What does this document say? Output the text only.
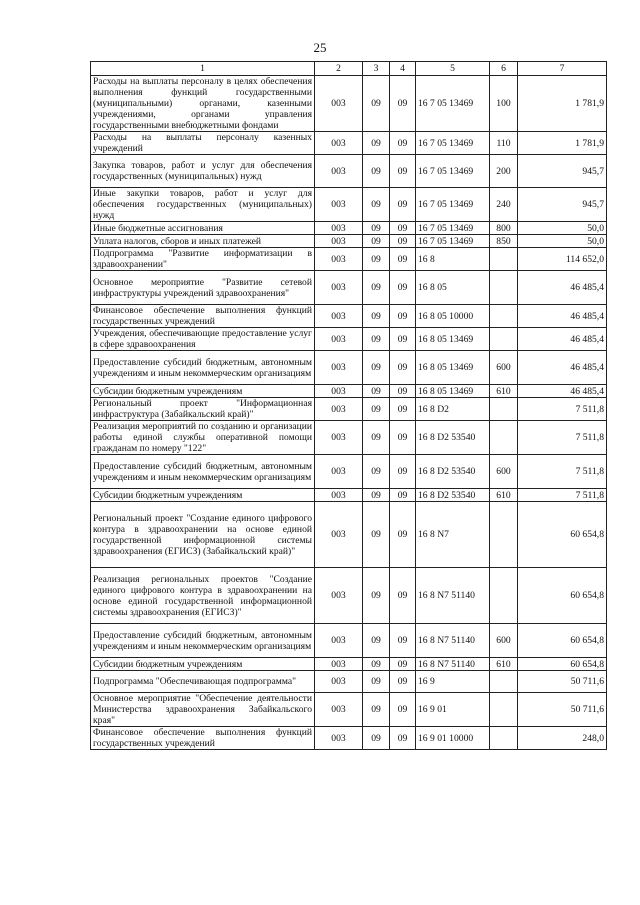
25
1	2	3	4	5	6	7
Расходы на выплаты персоналу в целях обеспечения выполнения функций государственными (муниципальными) органами, казенными учреждениями, органами управления государственными внебюджетными фондами	003	09	09	16 7 05 13469	100	1 781,9
Расходы на выплаты персоналу казенных учреждений	003	09	09	16 7 05 13469	110	1 781,9
Закупка товаров, работ и услуг для обеспечения государственных (муниципальных) нужд	003	09	09	16 7 05 13469	200	945,7
Иные закупки товаров, работ и услуг для обеспечения государственных (муниципальных) нужд	003	09	09	16 7 05 13469	240	945,7
Иные бюджетные ассигнования	003	09	09	16 7 05 13469	800	50,0
Уплата налогов, сборов и иных платежей	003	09	09	16 7 05 13469	850	50,0
Подпрограмма "Развитие информатизации в здравоохранении"	003	09	09	16 8		114 652,0
Основное мероприятие "Развитие сетевой инфраструктуры учреждений здравоохранения"	003	09	09	16 8 05		46 485,4
Финансовое обеспечение выполнения функций государственных учреждений	003	09	09	16 8 05 10000		46 485,4
Учреждения, обеспечивающие предоставление услуг в сфере здравоохранения	003	09	09	16 8 05 13469		46 485,4
Предоставление субсидий бюджетным, автономным учреждениям и иным некоммерческим организациям	003	09	09	16 8 05 13469	600	46 485,4
Субсидии бюджетным учреждениям	003	09	09	16 8 05 13469	610	46 485,4
Региональный проект "Информационная инфраструктура (Забайкальский край)"	003	09	09	16 8 D2		7 511,8
Реализация мероприятий по созданию и организации работы единой службы оперативной помощи гражданам по номеру "122"	003	09	09	16 8 D2 53540		7 511,8
Предоставление субсидий бюджетным, автономным учреждениям и иным некоммерческим организациям	003	09	09	16 8 D2 53540	600	7 511,8
Субсидии бюджетным учреждениям	003	09	09	16 8 D2 53540	610	7 511,8
Региональный проект "Создание единого цифрового контура в здравоохранении на основе единой государственной информационной системы здравоохранения (ЕГИСЗ) (Забайкальский край)"	003	09	09	16 8 N7		60 654,8
Реализация региональных проектов "Создание единого цифрового контура в здравоохранении на основе единой государственной информационной системы здравоохранения (ЕГИСЗ)"	003	09	09	16 8 N7 51140		60 654,8
Предоставление субсидий бюджетным, автономным учреждениям и иным некоммерческим организациям	003	09	09	16 8 N7 51140	600	60 654,8
Субсидии бюджетным учреждениям	003	09	09	16 8 N7 51140	610	60 654,8
Подпрограмма "Обеспечивающая подпрограмма"	003	09	09	16 9		50 711,6
Основное мероприятие "Обеспечение деятельности Министерства здравоохранения Забайкальского края"	003	09	09	16 9 01		50 711,6
Финансовое обеспечение выполнения функций государственных учреждений	003	09	09	16 9 01 10000		248,0
